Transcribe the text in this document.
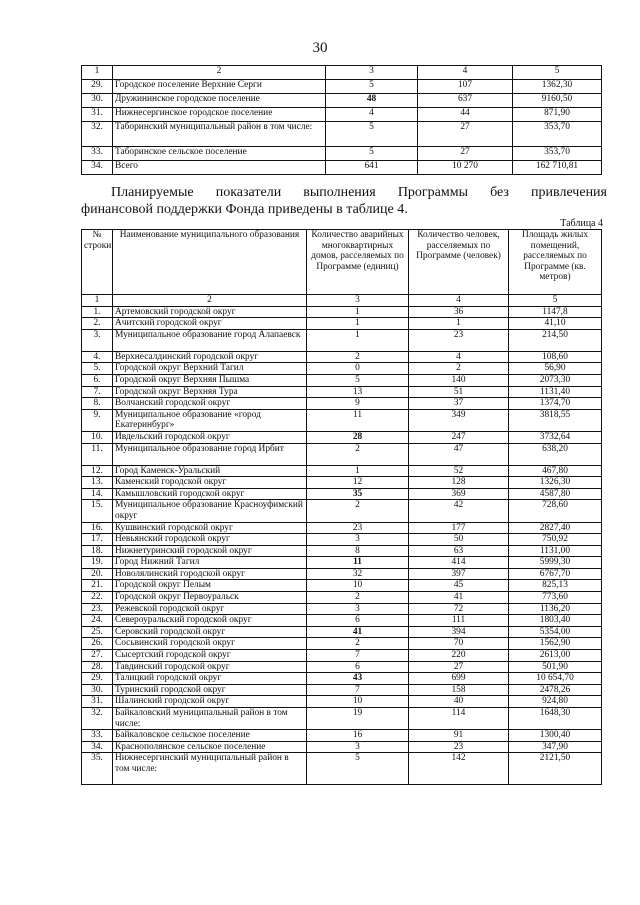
30
1	2	3	4	5
29.	Городское поселение Верхние Серги	5	107	1362,30
30.	Дружининское городское поселение	48	637	9160,50
31.	Нижнесергинское городское поселение	4	44	871,90
32.	Таборинский муниципальный район в том числе:	5	27	353,70
33.	Таборинское сельское поселение	5	27	353,70
34.	Всего	641	10 270	162 710,81
Планируемые показатели выполнения Программы без привлечения
финансовой поддержки Фонда приведены в таблице 4.
Таблица 4
№ строки	Наименование муниципального образования	Количество аварийных многоквартирных домов, расселяемых по Программе (единиц)	Количество человек, расселяемых по Программе (человек)	Площадь жилых помещений, расселяемых по Программе (кв. метров)
1	2	3	4	5
1.	Артемовский городской округ	1	36	1147,8
2.	Ачитский городской округ	1	1	41,10
3.	Муниципальное образование город Алапаевск	1	23	214,50
4.	Верхнесалдинский городской округ	2	4	108,60
5.	Городской округ Верхний Тагил	0	2	56,90
6.	Городской округ Верхняя Пышма	5	140	2073,30
7.	Городской округ Верхняя Тура	13	51	1131,40
8.	Волчанский городской округ	9	37	1374,70
9.	Муниципальное образование «город Екатеринбург»	11	349	3818,55
10.	Ивдельский городской округ	28	247	3732,64
11.	Муниципальное образование город Ирбит	2	47	638,20
12.	Город Каменск-Уральский	1	52	467,80
13.	Каменский городской округ	12	128	1326,30
14.	Камышловский городской округ	35	369	4587,80
15.	Муниципальное образование Красноуфимский округ	2	42	728,60
16.	Кушвинский городской округ	23	177	2827,40
17.	Невьянский городской округ	3	50	750,92
18.	Нижнетуринский городской округ	8	63	1131,00
19.	Город Нижний Тагил	11	414	5999,30
20.	Новолялинский городской округ	32	397	6767,70
21.	Городской округ Пелым	10	45	825,13
22.	Городской округ Первоуральск	2	41	773,60
23.	Режевской городской округ	3	72	1136,20
24.	Североуральский городской округ	6	111	1803,40
25.	Серовский городской округ	41	394	5354,00
26.	Сосьвинский городской округ	2	70	1562,90
27.	Сысертский городской округ	7	220	2613,00
28.	Тавдинский городской округ	6	27	501,90
29.	Талицкий городской округ	43	699	10 654,70
30.	Туринский городской округ	7	158	2478,26
31.	Шалинский городской округ	10	40	924,80
32.	Байкаловский муниципальный район в том числе:	19	114	1648,30
33.	Байкаловское сельское поселение	16	91	1300,40
34.	Краснополянское сельское поселение	3	23	347,90
35.	Нижнесергинский муниципальный район в том числе:	5	142	2121,50
